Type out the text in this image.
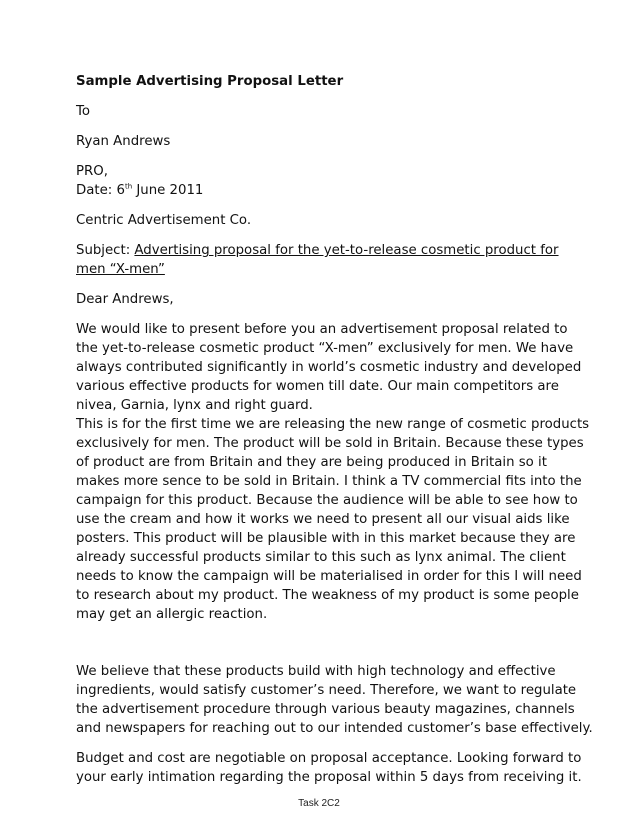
Sample Advertising Proposal Letter

To

Ryan Andrews

PRO,
Date: 6th June 2011

Centric Advertisement Co.

Subject: Advertising proposal for the yet-to-release cosmetic product for
men “X-men”

Dear Andrews,

We would like to present before you an advertisement proposal related to
the yet-to-release cosmetic product “X-men” exclusively for men. We have
always contributed significantly in world’s cosmetic industry and developed
various effective products for women till date. Our main competitors are
nivea, Garnia, lynx and right guard.
This is for the first time we are releasing the new range of cosmetic products
exclusively for men. The product will be sold in Britain. Because these types
of product are from Britain and they are being produced in Britain so it
makes more sence to be sold in Britain. I think a TV commercial fits into the
campaign for this product. Because the audience will be able to see how to
use the cream and how it works we need to present all our visual aids like
posters. This product will be plausible with in this market because they are
already successful products similar to this such as lynx animal. The client
needs to know the campaign will be materialised in order for this I will need
to research about my product. The weakness of my product is some people
may get an allergic reaction.

We believe that these products build with high technology and effective
ingredients, would satisfy customer’s need. Therefore, we want to regulate
the advertisement procedure through various beauty magazines, channels
and newspapers for reaching out to our intended customer’s base effectively.

Budget and cost are negotiable on proposal acceptance. Looking forward to
your early intimation regarding the proposal within 5 days from receiving it.

Task 2C2
